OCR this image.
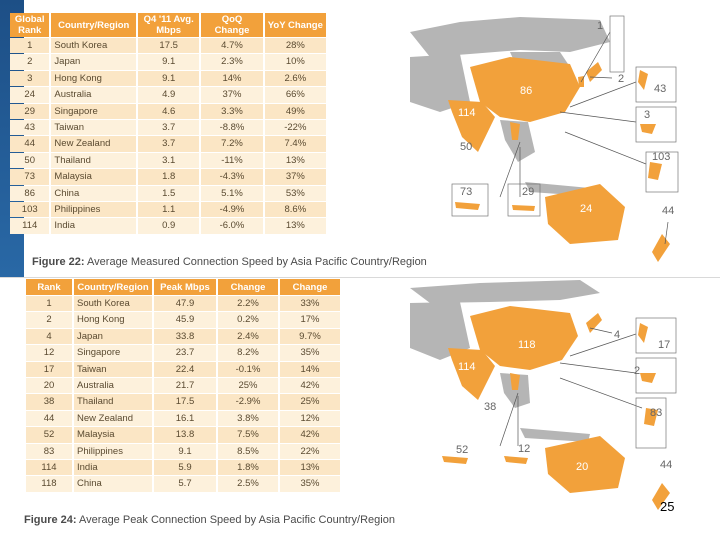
Global Rank	Country/Region	Q4 '11 Avg. Mbps	QoQ Change	YoY Change
1	South Korea	17.5	4.7%	28%
2	Japan	9.1	2.3%	10%
3	Hong Kong	9.1	14%	2.6%
24	Australia	4.9	37%	66%
29	Singapore	4.6	3.3%	49%
43	Taiwan	3.7	-8.8%	-22%
44	New Zealand	3.7	7.2%	7.4%
50	Thailand	3.1	-11%	13%
73	Malaysia	1.8	-4.3%	37%
86	China	1.5	5.1%	53%
103	Philippines	1.1	-4.9%	8.6%
114	India	0.9	-6.0%	13%
Figure 22: Average Measured Connection Speed by Asia Pacific Country/Region
Rank	Country/Region	Peak Mbps	Change	Change
1	South Korea	47.9	2.2%	33%
2	Hong Kong	45.9	0.2%	17%
4	Japan	33.8	2.4%	9.7%
12	Singapore	23.7	8.2%	35%
17	Taiwan	22.4	-0.1%	14%
20	Australia	21.7	25%	42%
38	Thailand	17.5	-2.9%	25%
44	New Zealand	16.1	3.8%	12%
52	Malaysia	13.8	7.5%	42%
83	Philippines	9.1	8.5%	22%
114	India	5.9	1.8%	13%
118	China	5.7	2.5%	35%
Figure 24: Average Peak Connection Speed by Asia Pacific Country/Region
86
114
50
73	29
24	44
1
2
43
3
103
118
114
38
52	12
20	44
4
17
2
83
25
